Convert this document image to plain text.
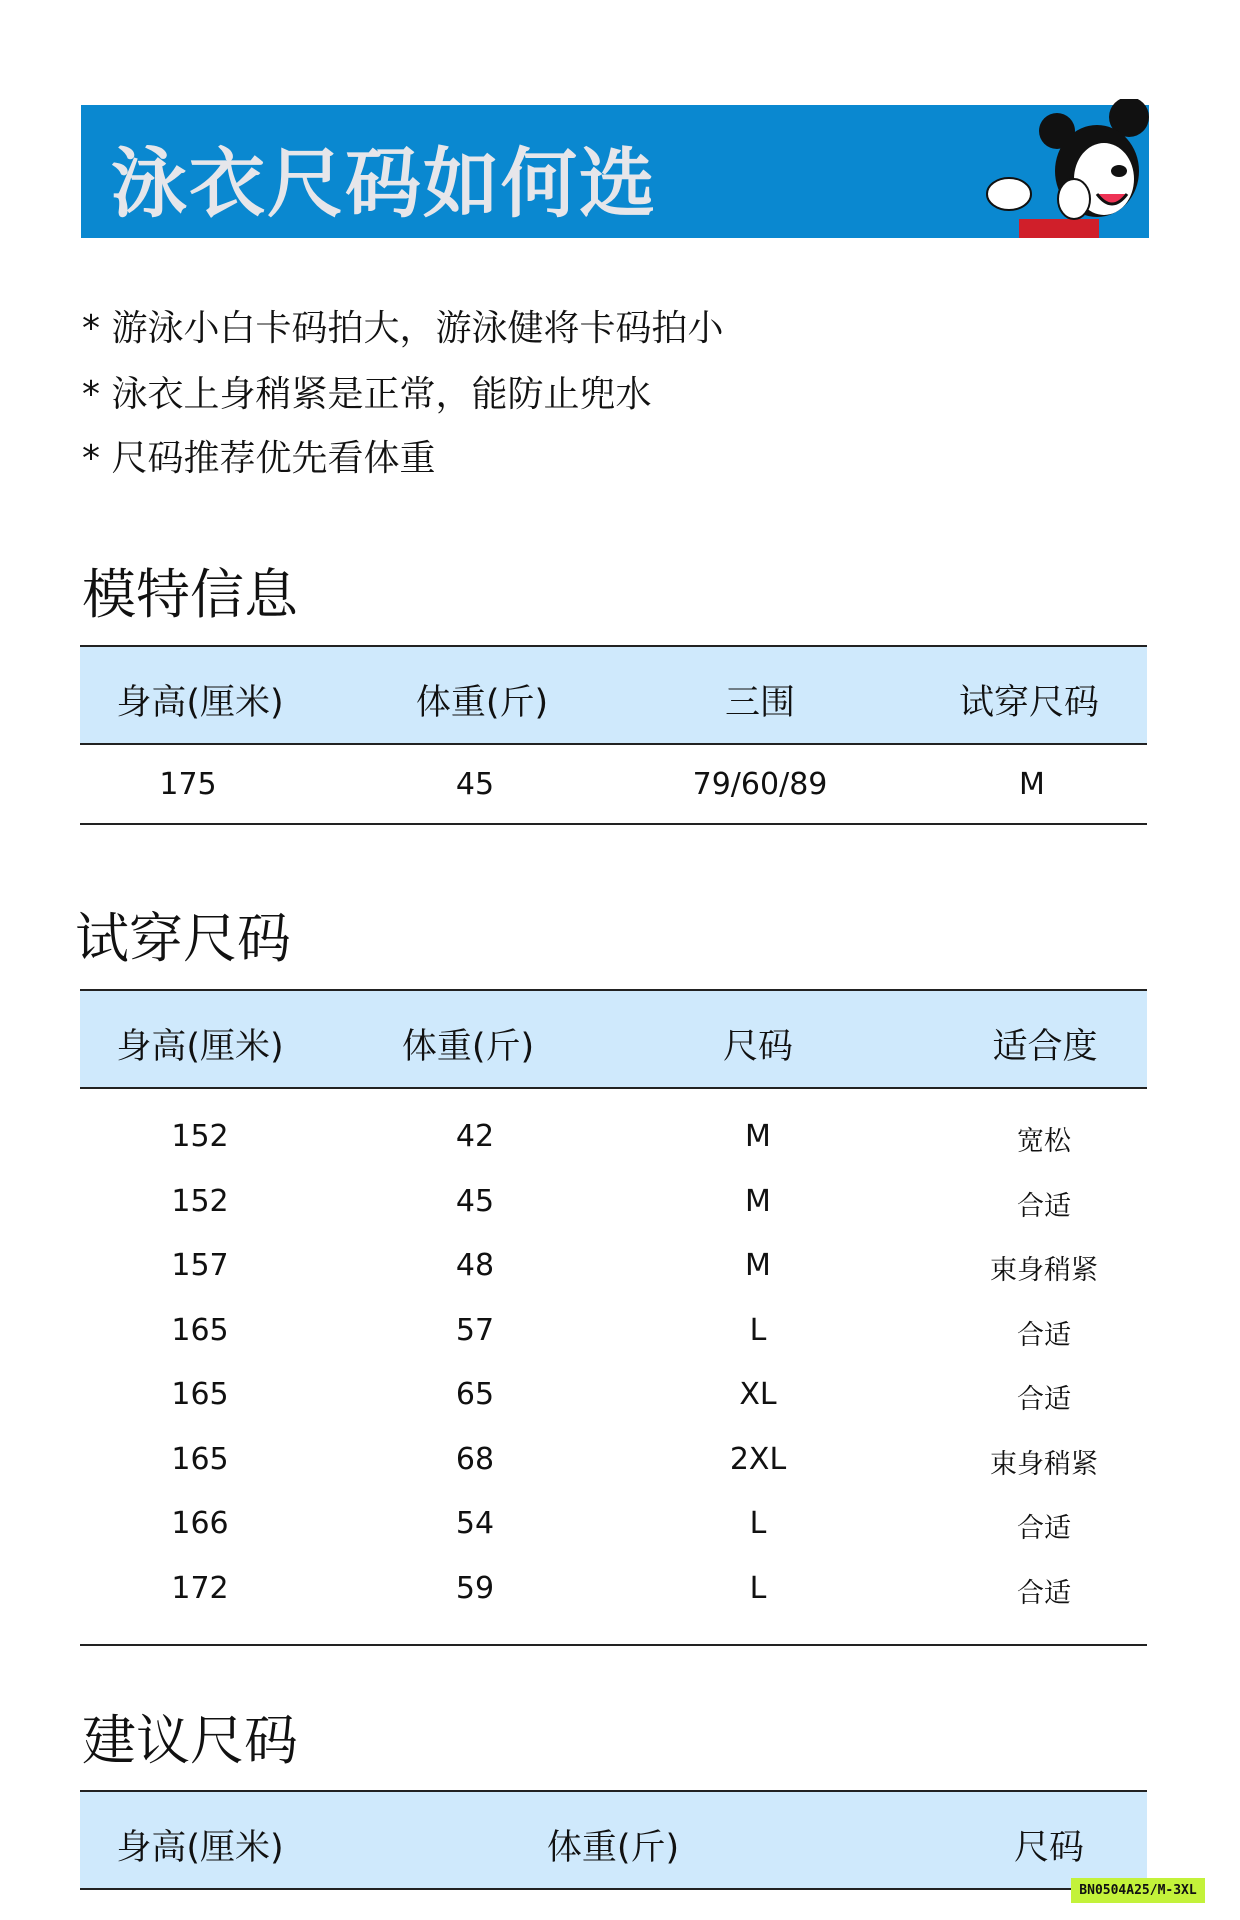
泳衣尺码如何选
* 游泳小白卡码拍大，游泳健将卡码拍小
* 泳衣上身稍紧是正常，能防止兜水
* 尺码推荐优先看体重
模特信息
身高(厘米)	体重(斤)	三围	试穿尺码
175	45	79/60/89	M
试穿尺码
身高(厘米)	体重(斤)	尺码	适合度
152	42	M	宽松
152	45	M	合适
157	48	M	束身稍紧
165	57	L	合适
165	65	XL	合适
165	68	2XL	束身稍紧
166	54	L	合适
172	59	L	合适
建议尺码
身高(厘米)	体重(斤)	尺码
BN0504A25/M-3XL
